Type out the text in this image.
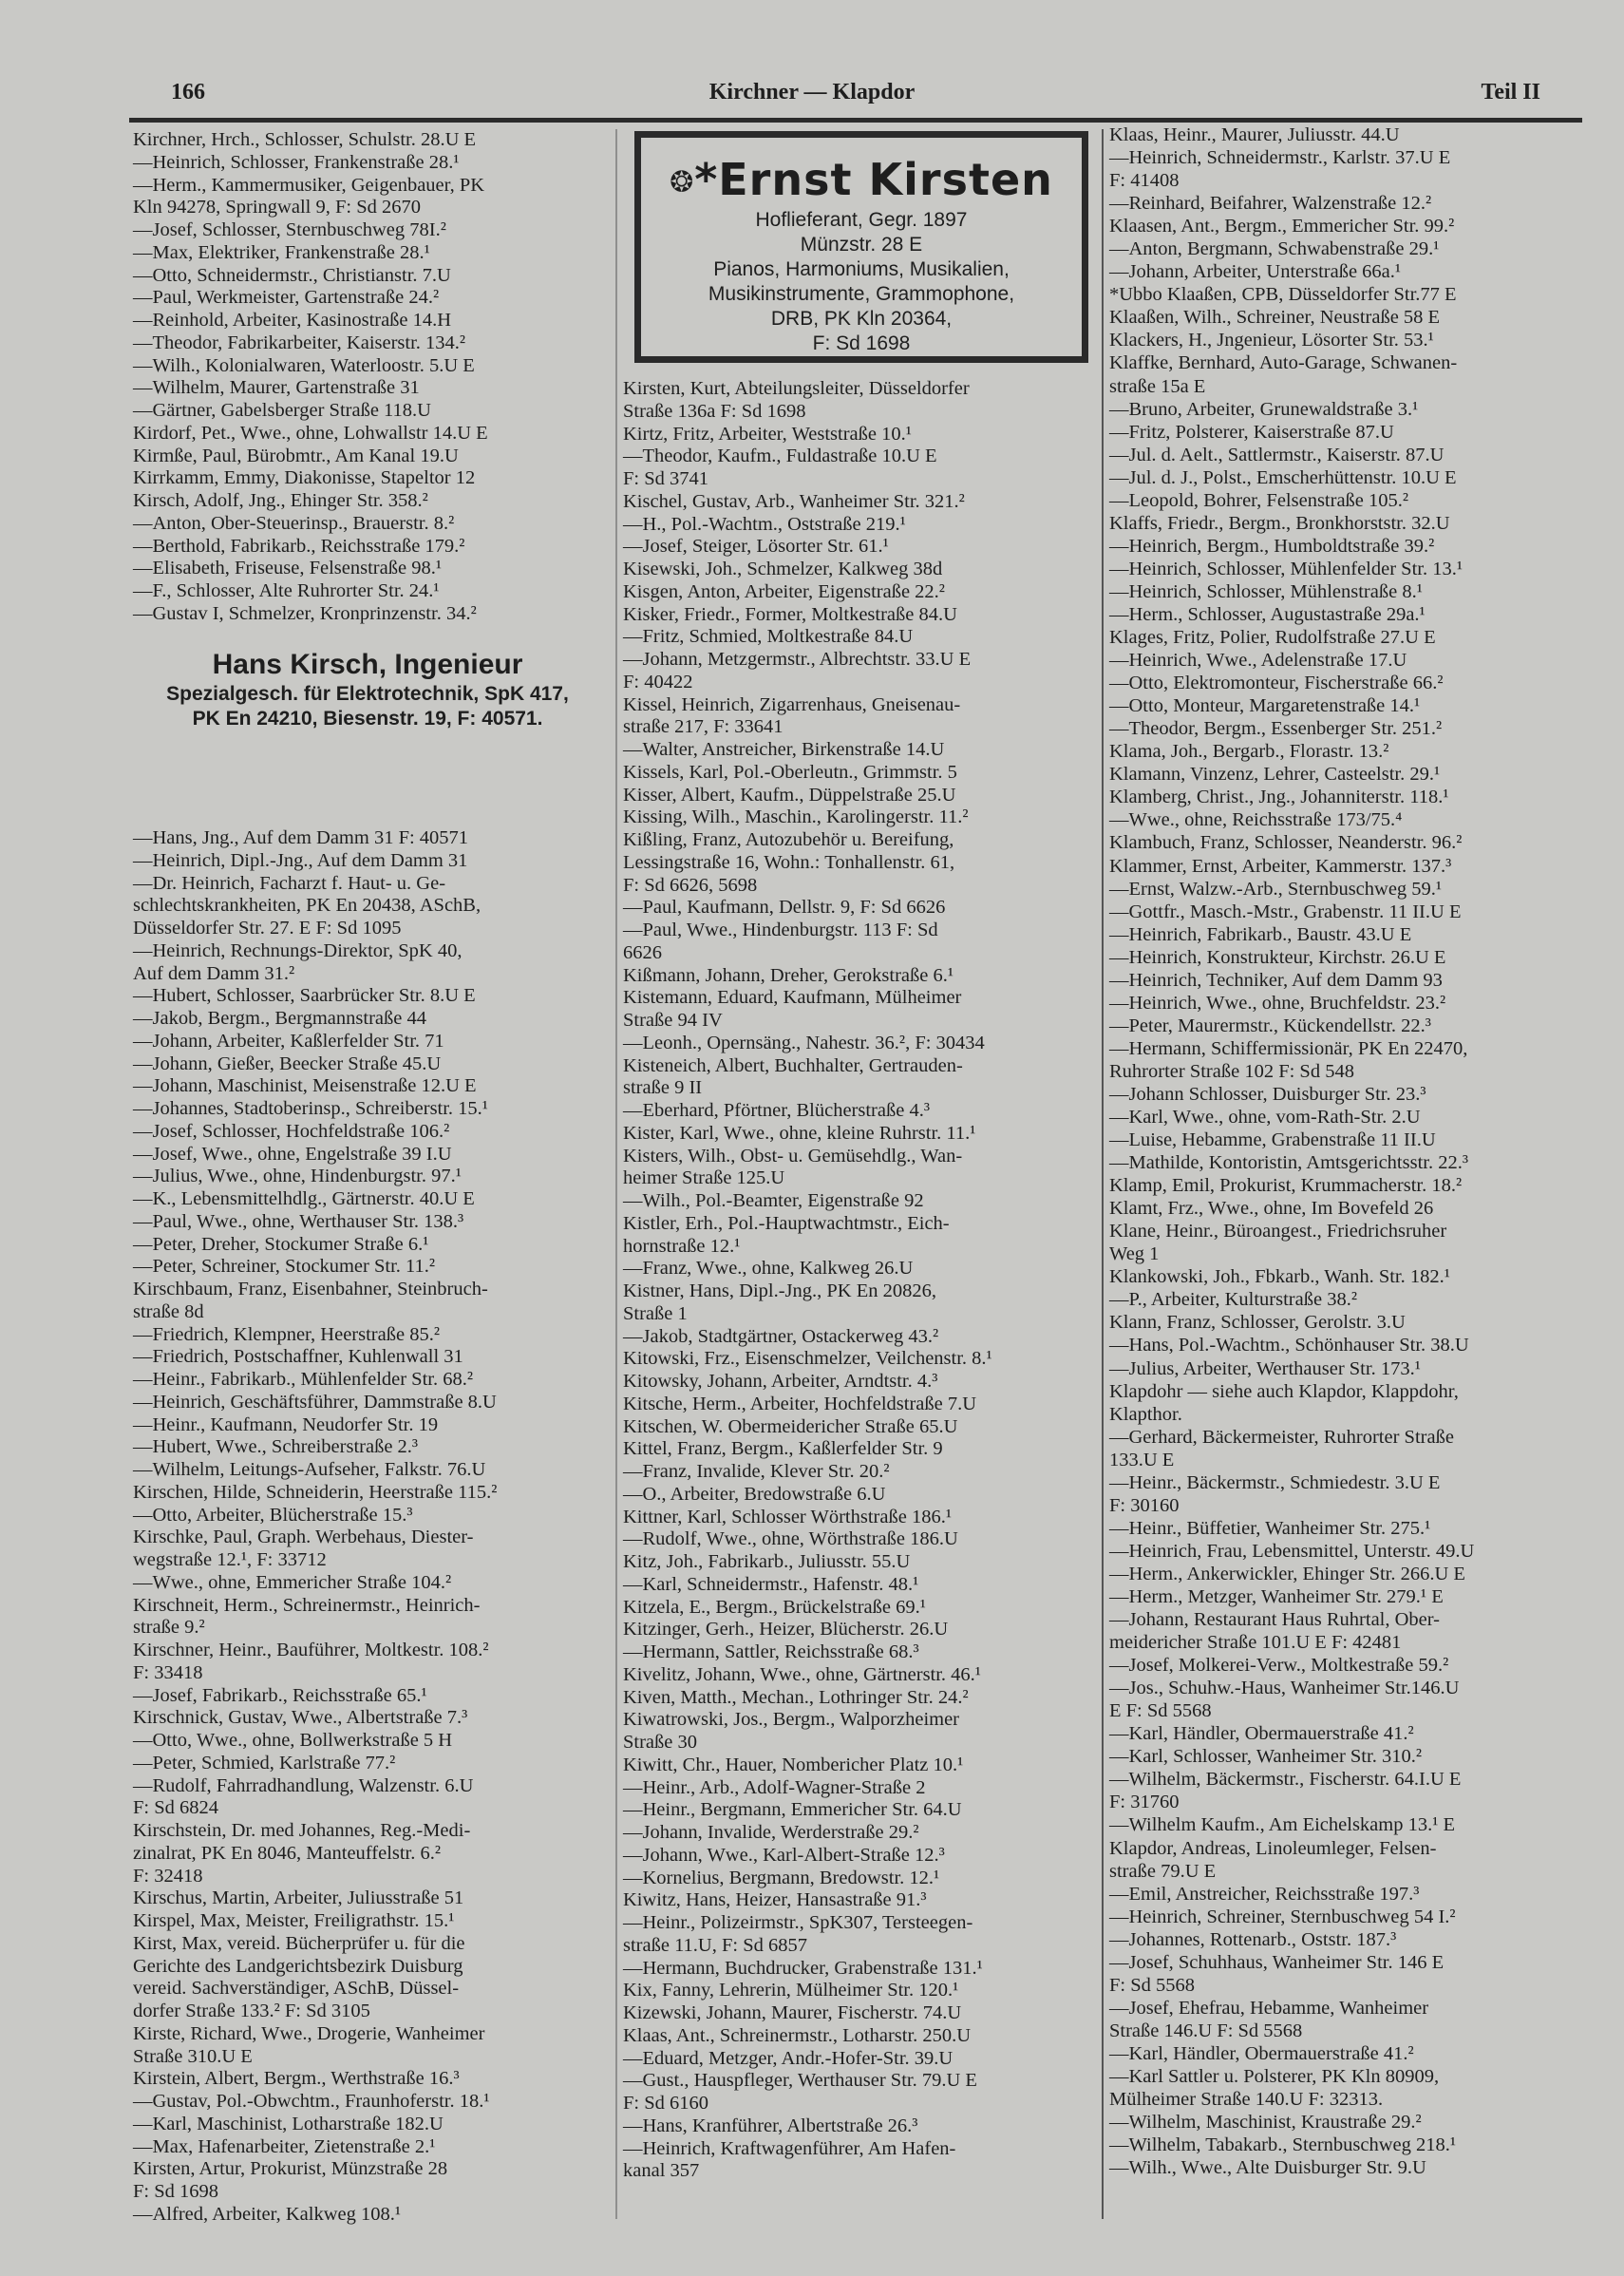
166	Kirchner — Klapdor	Teil II
Kirchner, Hrch., Schlosser, Schulstr. 28.U E
—Heinrich, Schlosser, Frankenstraße 28.¹
—Herm., Kammermusiker, Geigenbauer, PK
Kln 94278, Springwall 9, F: Sd 2670
—Josef, Schlosser, Sternbuschweg 78I.²
—Max, Elektriker, Frankenstraße 28.¹
—Otto, Schneidermstr., Christianstr. 7.U
—Paul, Werkmeister, Gartenstraße 24.²
—Reinhold, Arbeiter, Kasinostraße 14.H
—Theodor, Fabrikarbeiter, Kaiserstr. 134.²
—Wilh., Kolonialwaren, Waterloostr. 5.U E
—Wilhelm, Maurer, Gartenstraße 31
—Gärtner, Gabelsberger Straße 118.U
Kirdorf, Pet., Wwe., ohne, Lohwallstr 14.U E
Kirmße, Paul, Bürobmtr., Am Kanal 19.U
Kirrkamm, Emmy, Diakonisse, Stapeltor 12
Kirsch, Adolf, Jng., Ehinger Str. 358.²
—Anton, Ober-Steuerinsp., Brauerstr. 8.²
—Berthold, Fabrikarb., Reichsstraße 179.²
—Elisabeth, Friseuse, Felsenstraße 98.¹
—F., Schlosser, Alte Ruhrorter Str. 24.¹
—Gustav I, Schmelzer, Kronprinzenstr. 34.²
Hans Kirsch, Ingenieur
Spezialgesch. für Elektrotechnik, SpK 417,
PK En 24210, Biesenstr. 19, F: 40571.
—Hans, Jng., Auf dem Damm 31 F: 40571
—Heinrich, Dipl.-Jng., Auf dem Damm 31
—Dr. Heinrich, Facharzt f. Haut- u. Ge-
schlechtskrankheiten, PK En 20438, ASchB,
Düsseldorfer Str. 27. E F: Sd 1095
—Heinrich, Rechnungs-Direktor, SpK 40,
Auf dem Damm 31.²
—Hubert, Schlosser, Saarbrücker Str. 8.U E
—Jakob, Bergm., Bergmannstraße 44
—Johann, Arbeiter, Kaßlerfelder Str. 71
—Johann, Gießer, Beecker Straße 45.U
—Johann, Maschinist, Meisenstraße 12.U E
—Johannes, Stadtoberinsp., Schreiberstr. 15.¹
—Josef, Schlosser, Hochfeldstraße 106.²
—Josef, Wwe., ohne, Engelstraße 39 I.U
—Julius, Wwe., ohne, Hindenburgstr. 97.¹
—K., Lebensmittelhdlg., Gärtnerstr. 40.U E
—Paul, Wwe., ohne, Werthauser Str. 138.³
—Peter, Dreher, Stockumer Straße 6.¹
—Peter, Schreiner, Stockumer Str. 11.²
Kirschbaum, Franz, Eisenbahner, Steinbruch-
straße 8d
—Friedrich, Klempner, Heerstraße 85.²
—Friedrich, Postschaffner, Kuhlenwall 31
—Heinr., Fabrikarb., Mühlenfelder Str. 68.²
—Heinrich, Geschäftsführer, Dammstraße 8.U
—Heinr., Kaufmann, Neudorfer Str. 19
—Hubert, Wwe., Schreiberstraße 2.³
—Wilhelm, Leitungs-Aufseher, Falkstr. 76.U
Kirschen, Hilde, Schneiderin, Heerstraße 115.²
—Otto, Arbeiter, Blücherstraße 15.³
Kirschke, Paul, Graph. Werbehaus, Diester-
wegstraße 12.¹, F: 33712
—Wwe., ohne, Emmericher Straße 104.²
Kirschneit, Herm., Schreinermstr., Heinrich-
straße 9.²
Kirschner, Heinr., Bauführer, Moltkestr. 108.²
F: 33418
—Josef, Fabrikarb., Reichsstraße 65.¹
Kirschnick, Gustav, Wwe., Albertstraße 7.³
—Otto, Wwe., ohne, Bollwerkstraße 5 H
—Peter, Schmied, Karlstraße 77.²
—Rudolf, Fahrradhandlung, Walzenstr. 6.U
F: Sd 6824
Kirschstein, Dr. med Johannes, Reg.-Medi-
zinalrat, PK En 8046, Manteuffelstr. 6.²
F: 32418
Kirschus, Martin, Arbeiter, Juliusstraße 51
Kirspel, Max, Meister, Freiligrathstr. 15.¹
Kirst, Max, vereid. Bücherprüfer u. für die
Gerichte des Landgerichtsbezirk Duisburg
vereid. Sachverständiger, ASchB, Düssel-
dorfer Straße 133.² F: Sd 3105
Kirste, Richard, Wwe., Drogerie, Wanheimer
Straße 310.U E
Kirstein, Albert, Bergm., Werthstraße 16.³
—Gustav, Pol.-Obwchtm., Fraunhoferstr. 18.¹
—Karl, Maschinist, Lotharstraße 182.U
—Max, Hafenarbeiter, Zietenstraße 2.¹
Kirsten, Artur, Prokurist, Münzstraße 28
F: Sd 1698
—Alfred, Arbeiter, Kalkweg 108.¹
❂*Ernst Kirsten
Hoflieferant, Gegr. 1897
Münzstr. 28 E
Pianos, Harmoniums, Musikalien,
Musikinstrumente, Grammophone,
DRB, PK Kln 20364,
F: Sd 1698
Kirsten, Kurt, Abteilungsleiter, Düsseldorfer
Straße 136a F: Sd 1698
Kirtz, Fritz, Arbeiter, Weststraße 10.¹
—Theodor, Kaufm., Fuldastraße 10.U E
F: Sd 3741
Kischel, Gustav, Arb., Wanheimer Str. 321.²
—H., Pol.-Wachtm., Oststraße 219.¹
—Josef, Steiger, Lösorter Str. 61.¹
Kisewski, Joh., Schmelzer, Kalkweg 38d
Kisgen, Anton, Arbeiter, Eigenstraße 22.²
Kisker, Friedr., Former, Moltkestraße 84.U
—Fritz, Schmied, Moltkestraße 84.U
—Johann, Metzgermstr., Albrechtstr. 33.U E
F: 40422
Kissel, Heinrich, Zigarrenhaus, Gneisenau-
straße 217, F: 33641
—Walter, Anstreicher, Birkenstraße 14.U
Kissels, Karl, Pol.-Oberleutn., Grimmstr. 5
Kisser, Albert, Kaufm., Düppelstraße 25.U
Kissing, Wilh., Maschin., Karolingerstr. 11.²
Kißling, Franz, Autozubehör u. Bereifung,
Lessingstraße 16, Wohn.: Tonhallenstr. 61,
F: Sd 6626, 5698
—Paul, Kaufmann, Dellstr. 9, F: Sd 6626
—Paul, Wwe., Hindenburgstr. 113 F: Sd
6626
Kißmann, Johann, Dreher, Gerokstraße 6.¹
Kistemann, Eduard, Kaufmann, Mülheimer
Straße 94 IV
—Leonh., Opernsäng., Nahestr. 36.², F: 30434
Kisteneich, Albert, Buchhalter, Gertrauden-
straße 9 II
—Eberhard, Pförtner, Blücherstraße 4.³
Kister, Karl, Wwe., ohne, kleine Ruhrstr. 11.¹
Kisters, Wilh., Obst- u. Gemüsehdlg., Wan-
heimer Straße 125.U
—Wilh., Pol.-Beamter, Eigenstraße 92
Kistler, Erh., Pol.-Hauptwachtmstr., Eich-
hornstraße 12.¹
—Franz, Wwe., ohne, Kalkweg 26.U
Kistner, Hans, Dipl.-Jng., PK En 20826,
Straße 1
—Jakob, Stadtgärtner, Ostackerweg 43.²
Kitowski, Frz., Eisenschmelzer, Veilchenstr. 8.¹
Kitowsky, Johann, Arbeiter, Arndtstr. 4.³
Kitsche, Herm., Arbeiter, Hochfeldstraße 7.U
Kitschen, W. Obermeidericher Straße 65.U
Kittel, Franz, Bergm., Kaßlerfelder Str. 9
—Franz, Invalide, Klever Str. 20.²
—O., Arbeiter, Bredowstraße 6.U
Kittner, Karl, Schlosser Wörthstraße 186.¹
—Rudolf, Wwe., ohne, Wörthstraße 186.U
Kitz, Joh., Fabrikarb., Juliusstr. 55.U
—Karl, Schneidermstr., Hafenstr. 48.¹
Kitzela, E., Bergm., Brückelstraße 69.¹
Kitzinger, Gerh., Heizer, Blücherstr. 26.U
—Hermann, Sattler, Reichsstraße 68.³
Kivelitz, Johann, Wwe., ohne, Gärtnerstr. 46.¹
Kiven, Matth., Mechan., Lothringer Str. 24.²
Kiwatrowski, Jos., Bergm., Walporzheimer
Straße 30
Kiwitt, Chr., Hauer, Nombericher Platz 10.¹
—Heinr., Arb., Adolf-Wagner-Straße 2
—Heinr., Bergmann, Emmericher Str. 64.U
—Johann, Invalide, Werderstraße 29.²
—Johann, Wwe., Karl-Albert-Straße 12.³
—Kornelius, Bergmann, Bredowstr. 12.¹
Kiwitz, Hans, Heizer, Hansastraße 91.³
—Heinr., Polizeirmstr., SpK307, Tersteegen-
straße 11.U, F: Sd 6857
—Hermann, Buchdrucker, Grabenstraße 131.¹
Kix, Fanny, Lehrerin, Mülheimer Str. 120.¹
Kizewski, Johann, Maurer, Fischerstr. 74.U
Klaas, Ant., Schreinermstr., Lotharstr. 250.U
—Eduard, Metzger, Andr.-Hofer-Str. 39.U
—Gust., Hauspfleger, Werthauser Str. 79.U E
F: Sd 6160
—Hans, Kranführer, Albertstraße 26.³
—Heinrich, Kraftwagenführer, Am Hafen-
kanal 357
Klaas, Heinr., Maurer, Juliusstr. 44.U
—Heinrich, Schneidermstr., Karlstr. 37.U E
F: 41408
—Reinhard, Beifahrer, Walzenstraße 12.²
Klaasen, Ant., Bergm., Emmericher Str. 99.²
—Anton, Bergmann, Schwabenstraße 29.¹
—Johann, Arbeiter, Unterstraße 66a.¹
*Ubbo Klaaßen, CPB, Düsseldorfer Str.77 E
Klaaßen, Wilh., Schreiner, Neustraße 58 E
Klackers, H., Jngenieur, Lösorter Str. 53.¹
Klaffke, Bernhard, Auto-Garage, Schwanen-
straße 15a E
—Bruno, Arbeiter, Grunewaldstraße 3.¹
—Fritz, Polsterer, Kaiserstraße 87.U
—Jul. d. Aelt., Sattlermstr., Kaiserstr. 87.U
—Jul. d. J., Polst., Emscherhüttenstr. 10.U E
—Leopold, Bohrer, Felsenstraße 105.²
Klaffs, Friedr., Bergm., Bronkhorststr. 32.U
—Heinrich, Bergm., Humboldtstraße 39.²
—Heinrich, Schlosser, Mühlenfelder Str. 13.¹
—Heinrich, Schlosser, Mühlenstraße 8.¹
—Herm., Schlosser, Augustastraße 29a.¹
Klages, Fritz, Polier, Rudolfstraße 27.U E
—Heinrich, Wwe., Adelenstraße 17.U
—Otto, Elektromonteur, Fischerstraße 66.²
—Otto, Monteur, Margaretenstraße 14.¹
—Theodor, Bergm., Essenberger Str. 251.²
Klama, Joh., Bergarb., Florastr. 13.²
Klamann, Vinzenz, Lehrer, Casteelstr. 29.¹
Klamberg, Christ., Jng., Johanniterstr. 118.¹
—Wwe., ohne, Reichsstraße 173/75.⁴
Klambuch, Franz, Schlosser, Neanderstr. 96.²
Klammer, Ernst, Arbeiter, Kammerstr. 137.³
—Ernst, Walzw.-Arb., Sternbuschweg 59.¹
—Gottfr., Masch.-Mstr., Grabenstr. 11 II.U E
—Heinrich, Fabrikarb., Baustr. 43.U E
—Heinrich, Konstrukteur, Kirchstr. 26.U E
—Heinrich, Techniker, Auf dem Damm 93
—Heinrich, Wwe., ohne, Bruchfeldstr. 23.²
—Peter, Maurermstr., Kückendellstr. 22.³
—Hermann, Schiffermissionär, PK En 22470,
Ruhrorter Straße 102 F: Sd 548
—Johann Schlosser, Duisburger Str. 23.³
—Karl, Wwe., ohne, vom-Rath-Str. 2.U
—Luise, Hebamme, Grabenstraße 11 II.U
—Mathilde, Kontoristin, Amtsgerichtsstr. 22.³
Klamp, Emil, Prokurist, Krummacherstr. 18.²
Klamt, Frz., Wwe., ohne, Im Bovefeld 26
Klane, Heinr., Büroangest., Friedrichsruher
Weg 1
Klankowski, Joh., Fbkarb., Wanh. Str. 182.¹
—P., Arbeiter, Kulturstraße 38.²
Klann, Franz, Schlosser, Gerolstr. 3.U
—Hans, Pol.-Wachtm., Schönhauser Str. 38.U
—Julius, Arbeiter, Werthauser Str. 173.¹
Klapdohr — siehe auch Klapdor, Klappdohr,
Klapthor.
—Gerhard, Bäckermeister, Ruhrorter Straße
133.U E
—Heinr., Bäckermstr., Schmiedestr. 3.U E
F: 30160
—Heinr., Büffetier, Wanheimer Str. 275.¹
—Heinrich, Frau, Lebensmittel, Unterstr. 49.U
—Herm., Ankerwickler, Ehinger Str. 266.U E
—Herm., Metzger, Wanheimer Str. 279.¹ E
—Johann, Restaurant Haus Ruhrtal, Ober-
meidericher Straße 101.U E F: 42481
—Josef, Molkerei-Verw., Moltkestraße 59.²
—Jos., Schuhw.-Haus, Wanheimer Str.146.U
E F: Sd 5568
—Karl, Händler, Obermauerstraße 41.²
—Karl, Schlosser, Wanheimer Str. 310.²
—Wilhelm, Bäckermstr., Fischerstr. 64.I.U E
F: 31760
—Wilhelm Kaufm., Am Eichelskamp 13.¹ E
Klapdor, Andreas, Linoleumleger, Felsen-
straße 79.U E
—Emil, Anstreicher, Reichsstraße 197.³
—Heinrich, Schreiner, Sternbuschweg 54 I.²
—Johannes, Rottenarb., Oststr. 187.³
—Josef, Schuhhaus, Wanheimer Str. 146 E
F: Sd 5568
—Josef, Ehefrau, Hebamme, Wanheimer
Straße 146.U F: Sd 5568
—Karl, Händler, Obermauerstraße 41.²
—Karl Sattler u. Polsterer, PK Kln 80909,
Mülheimer Straße 140.U F: 32313.
—Wilhelm, Maschinist, Kraustraße 29.²
—Wilhelm, Tabakarb., Sternbuschweg 218.¹
—Wilh., Wwe., Alte Duisburger Str. 9.U
